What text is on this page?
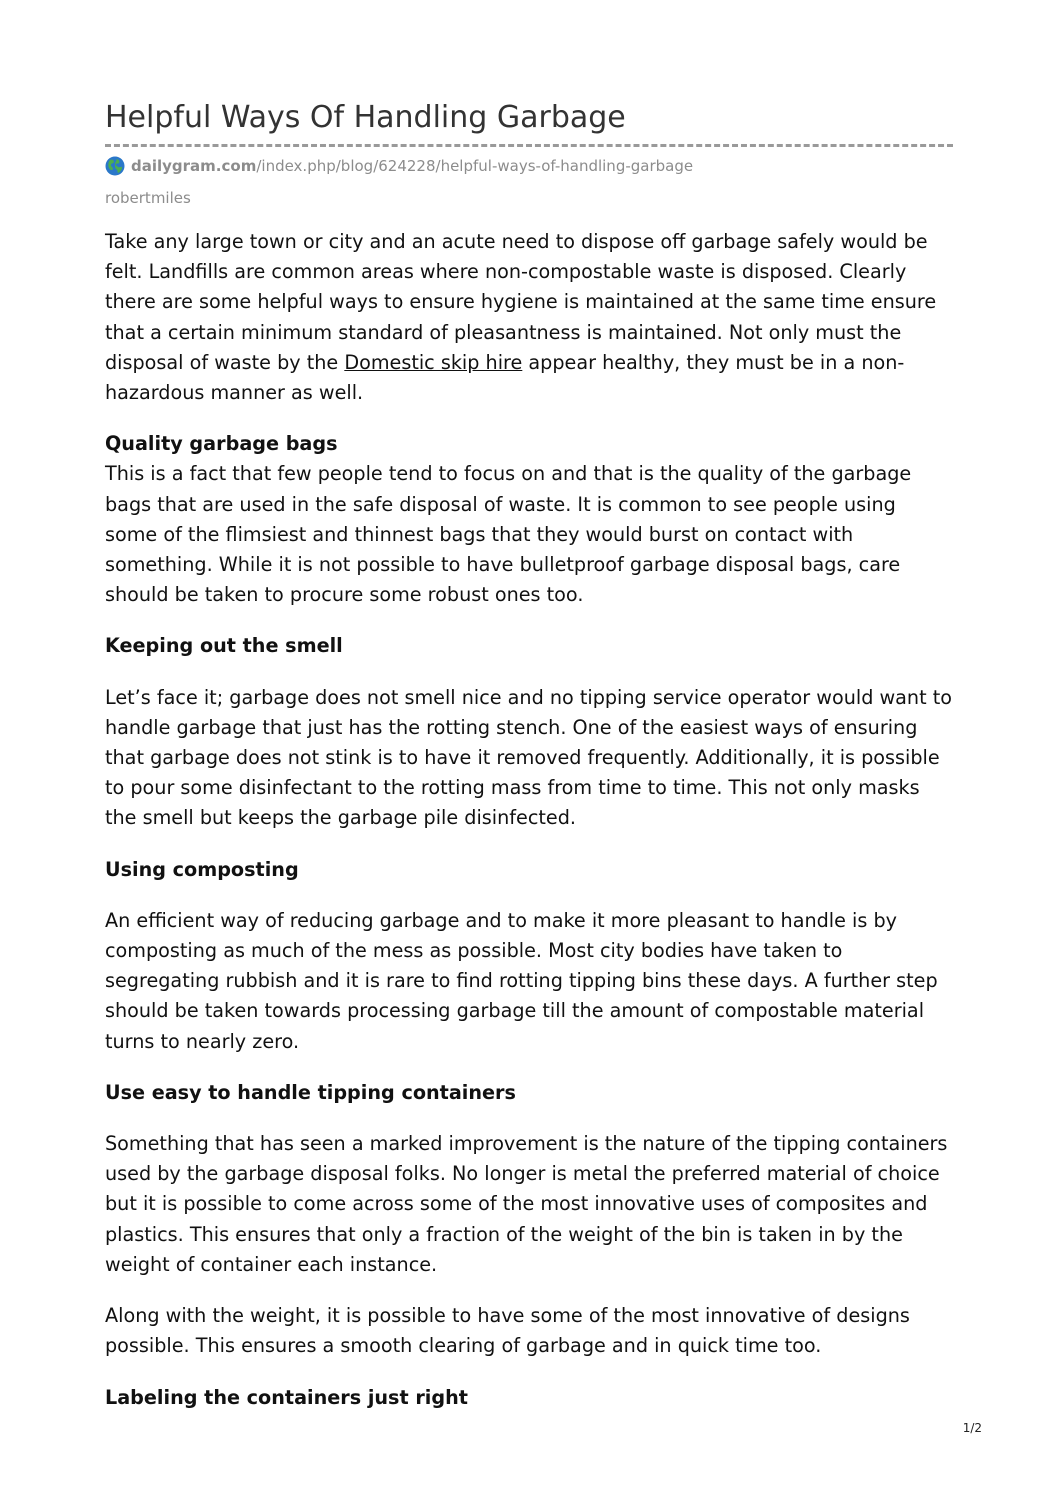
Helpful Ways Of Handling Garbage
dailygram.com /index.php/blog/624228/helpful-ways-of-handling-garbage
robertmiles

Take any large town or city and an acute need to dispose off garbage safely would be felt. Landfills are common areas where non-compostable waste is disposed. Clearly there are some helpful ways to ensure hygiene is maintained at the same time ensure that a certain minimum standard of pleasantness is maintained. Not only must the disposal of waste by the Domestic skip hire appear healthy, they must be in a non-hazardous manner as well.

Quality garbage bags

This is a fact that few people tend to focus on and that is the quality of the garbage bags that are used in the safe disposal of waste. It is common to see people using some of the flimsiest and thinnest bags that they would burst on contact with something. While it is not possible to have bulletproof garbage disposal bags, care should be taken to procure some robust ones too.

Keeping out the smell

Let’s face it; garbage does not smell nice and no tipping service operator would want to handle garbage that just has the rotting stench. One of the easiest ways of ensuring that garbage does not stink is to have it removed frequently. Additionally, it is possible to pour some disinfectant to the rotting mass from time to time. This not only masks the smell but keeps the garbage pile disinfected.

Using composting

An efficient way of reducing garbage and to make it more pleasant to handle is by composting as much of the mess as possible. Most city bodies have taken to segregating rubbish and it is rare to find rotting tipping bins these days. A further step should be taken towards processing garbage till the amount of compostable material turns to nearly zero.

Use easy to handle tipping containers

Something that has seen a marked improvement is the nature of the tipping containers used by the garbage disposal folks. No longer is metal the preferred material of choice but it is possible to come across some of the most innovative uses of composites and plastics. This ensures that only a fraction of the weight of the bin is taken in by the weight of container each instance.

Along with the weight, it is possible to have some of the most innovative of designs possible. This ensures a smooth clearing of garbage and in quick time too.

Labeling the containers just right
1/2
